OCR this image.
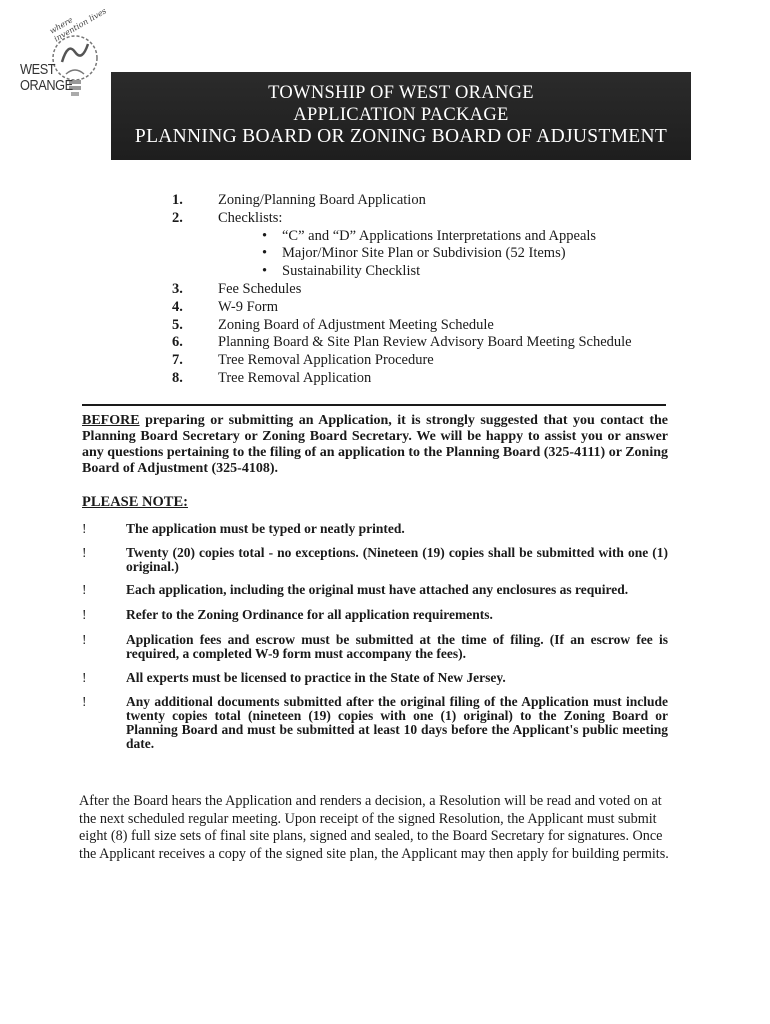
where invention lives
WEST
ORANGE	TOWNSHIP OF WEST ORANGE
APPLICATION PACKAGE
PLANNING BOARD OR ZONING BOARD OF ADJUSTMENT
1.	Zoning/Planning Board Application
2.	Checklists:
•	“C” and “D” Applications Interpretations and Appeals
•	Major/Minor Site Plan or Subdivision (52 Items)
•	Sustainability Checklist
3.	Fee Schedules
4.	W-9 Form
5.	Zoning Board of Adjustment Meeting Schedule
6.	Planning Board & Site Plan Review Advisory Board Meeting Schedule
7.	Tree Removal Application Procedure
8.	Tree Removal Application
BEFORE preparing or submitting an Application, it is strongly suggested that you contact the Planning Board Secretary or Zoning Board Secretary. We will be happy to assist you or answer any questions pertaining to the filing of an application to the Planning Board (325-4111) or Zoning Board of Adjustment (325-4108).
PLEASE NOTE:
!	The application must be typed or neatly printed.
!	Twenty (20) copies total - no exceptions. (Nineteen (19) copies shall be submitted with one (1) original.)
!	Each application, including the original must have attached any enclosures as required.
!	Refer to the Zoning Ordinance for all application requirements.
!	Application fees and escrow must be submitted at the time of filing. (If an escrow fee is required, a completed W-9 form must accompany the fees).
!	All experts must be licensed to practice in the State of New Jersey.
!	Any additional documents submitted after the original filing of the Application must include twenty copies total (nineteen (19) copies with one (1) original) to the Zoning Board or Planning Board and must be submitted at least 10 days before the Applicant's public meeting date.
After the Board hears the Application and renders a decision, a Resolution will be read and voted on at the next scheduled regular meeting. Upon receipt of the signed Resolution, the Applicant must submit eight (8) full size sets of final site plans, signed and sealed, to the Board Secretary for signatures. Once the Applicant receives a copy of the signed site plan, the Applicant may then apply for building permits.
